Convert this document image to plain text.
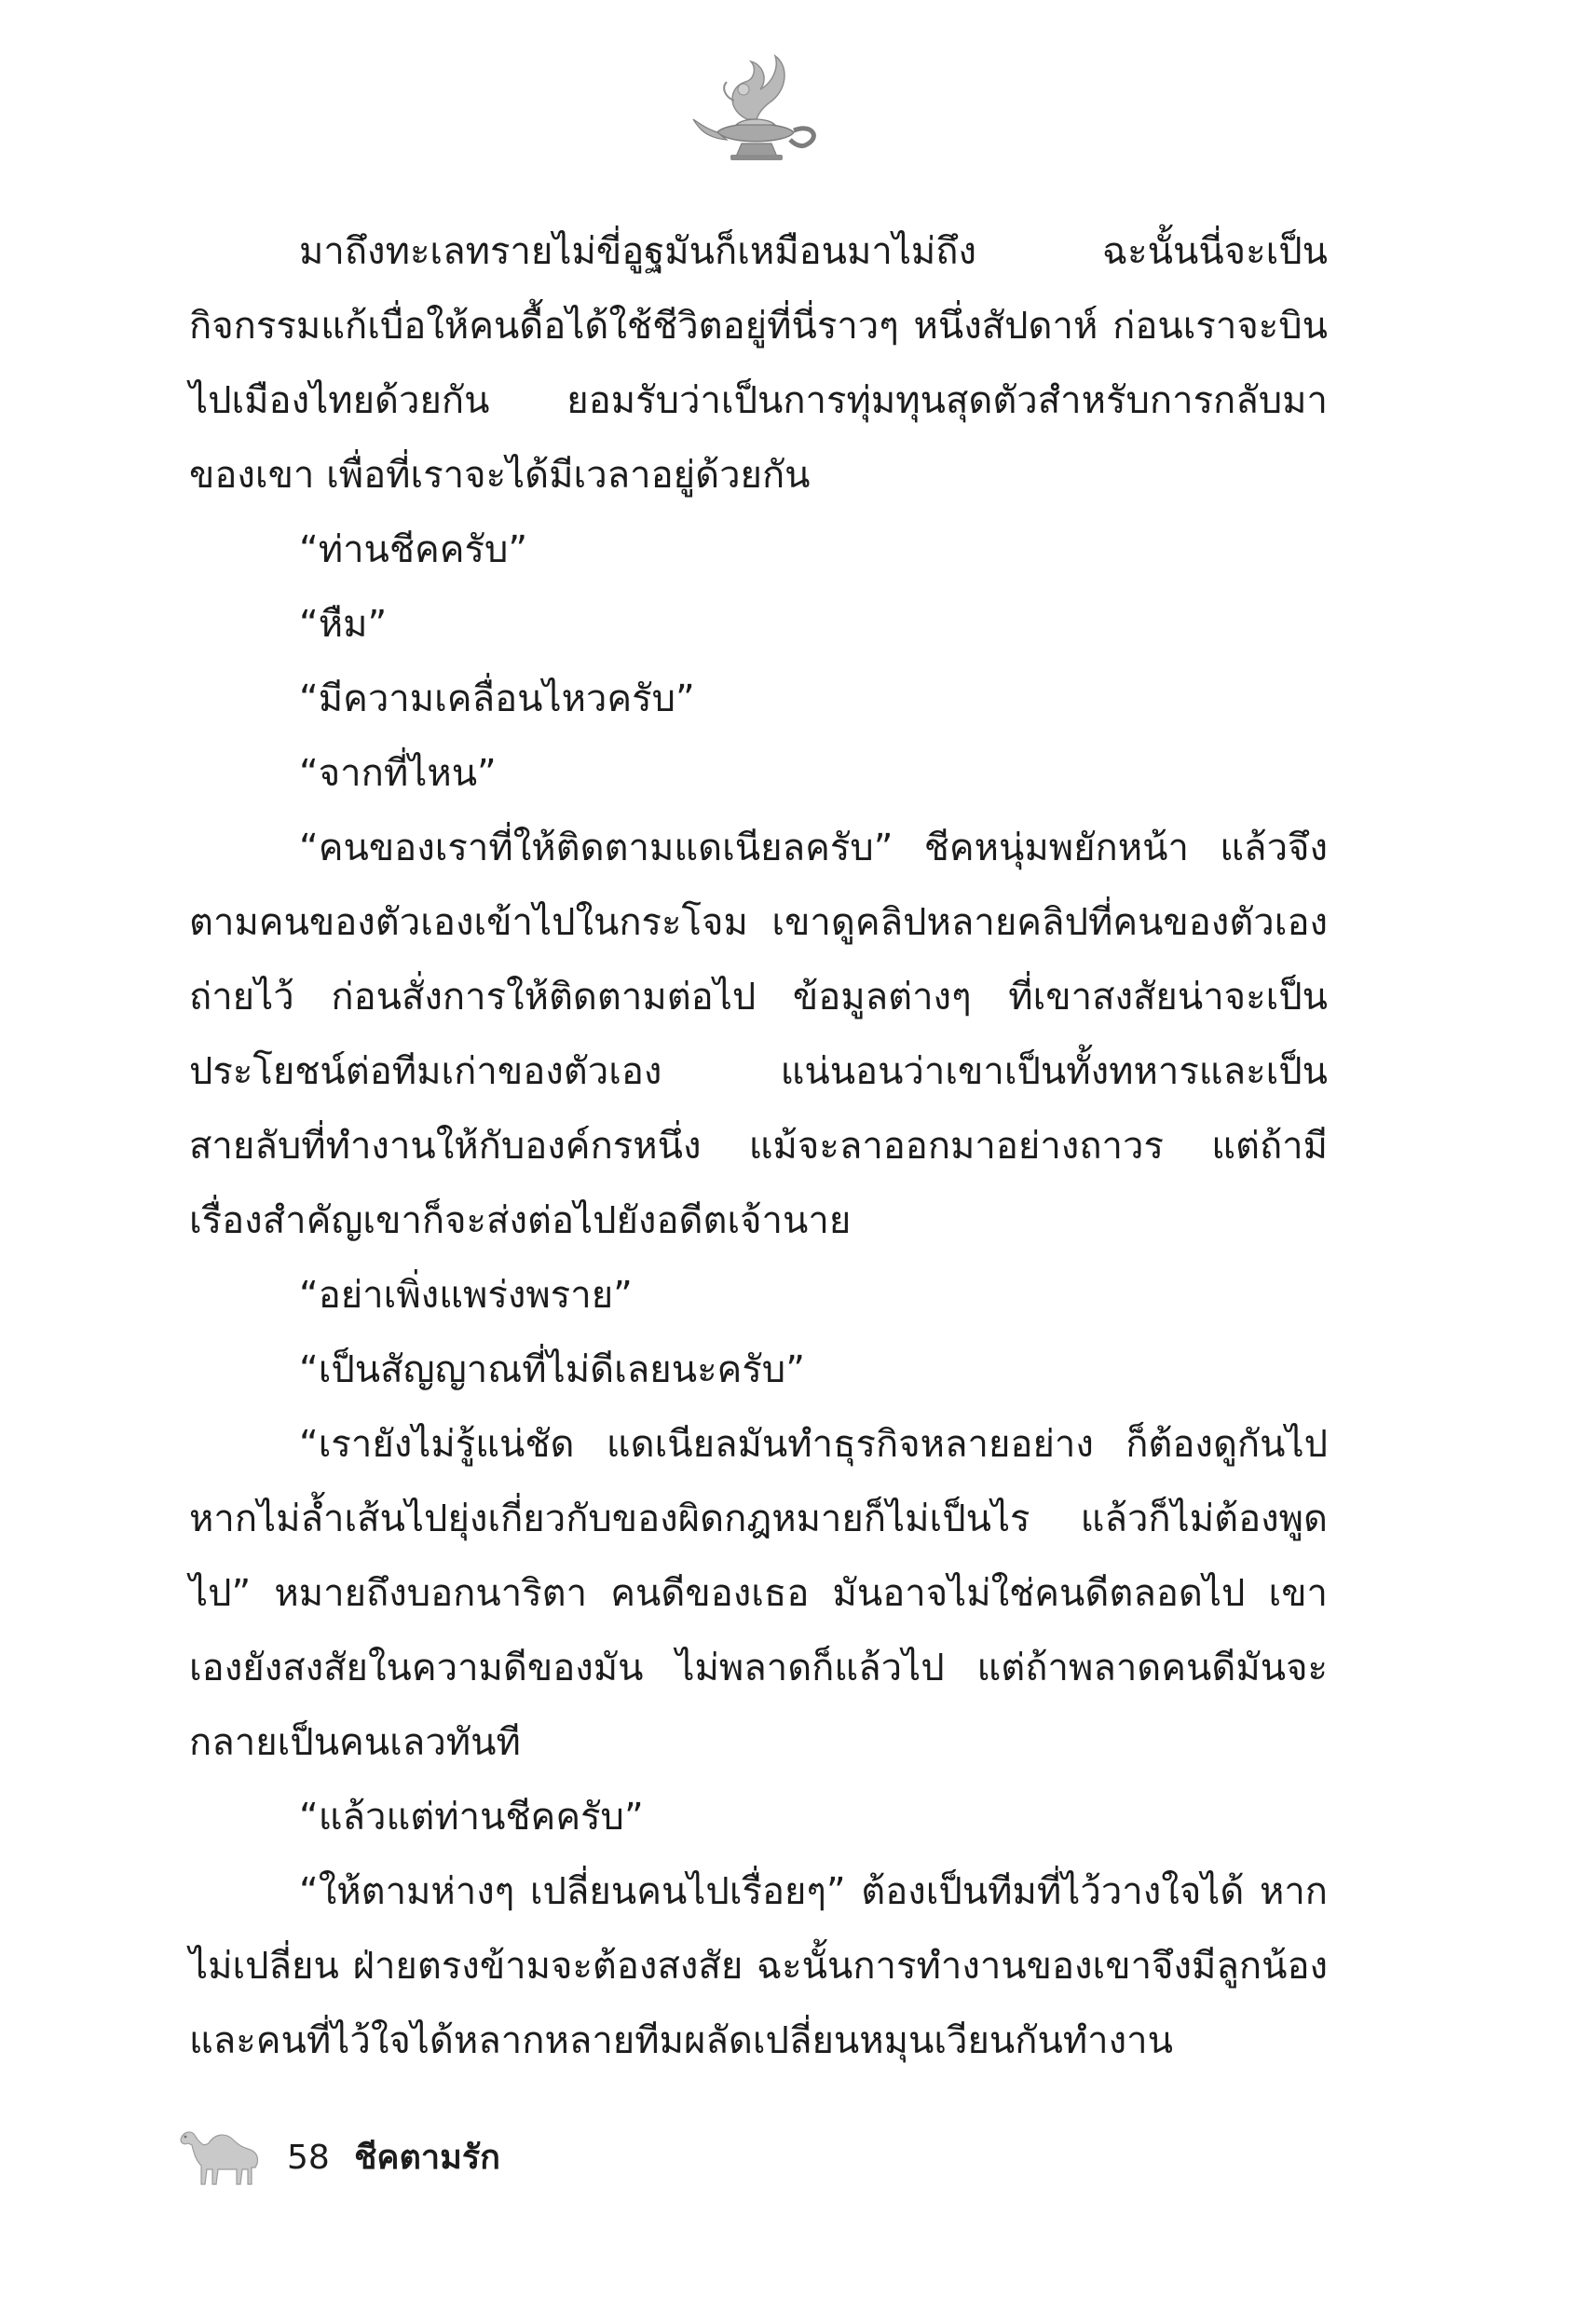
มาถึงทะเลทรายไม่ขี่อูฐมันก็เหมือนมาไม่ถึง ฉะนั้นนี่จะเป็นกิจกรรมแก้เบื่อให้คนดื้อได้ใช้ชีวิตอยู่ที่นี่ราวๆ หนึ่งสัปดาห์ ก่อนเราจะบินไปเมืองไทยด้วยกัน ยอมรับว่าเป็นการทุ่มทุนสุดตัวสำหรับการกลับมาของเขา เพื่อที่เราจะได้มีเวลาอยู่ด้วยกัน

“ท่านชีคครับ”

“หืม”

“มีความเคลื่อนไหวครับ”

“จากที่ไหน”

“คนของเราที่ให้ติดตามแดเนียลครับ” ชีคหนุ่มพยักหน้า แล้วจึงตามคนของตัวเองเข้าไปในกระโจม เขาดูคลิปหลายคลิปที่คนของตัวเองถ่ายไว้ ก่อนสั่งการให้ติดตามต่อไป ข้อมูลต่างๆ ที่เขาสงสัยน่าจะเป็นประโยชน์ต่อทีมเก่าของตัวเอง แน่นอนว่าเขาเป็นทั้งทหารและเป็นสายลับที่ทำงานให้กับองค์กรหนึ่ง แม้จะลาออกมาอย่างถาวร แต่ถ้ามีเรื่องสำคัญเขาก็จะส่งต่อไปยังอดีตเจ้านาย

“อย่าเพิ่งแพร่งพราย”

“เป็นสัญญาณที่ไม่ดีเลยนะครับ”

“เรายังไม่รู้แน่ชัด แดเนียลมันทำธุรกิจหลายอย่าง ก็ต้องดูกันไปหากไม่ล้ำเส้นไปยุ่งเกี่ยวกับของผิดกฎหมายก็ไม่เป็นไร แล้วก็ไม่ต้องพูดไป” หมายถึงบอกนาริตา คนดีของเธอ มันอาจไม่ใช่คนดีตลอดไป เขาเองยังสงสัยในความดีของมัน ไม่พลาดก็แล้วไป แต่ถ้าพลาดคนดีมันจะกลายเป็นคนเลวทันที

“แล้วแต่ท่านชีคครับ”

“ให้ตามห่างๆ เปลี่ยนคนไปเรื่อยๆ” ต้องเป็นทีมที่ไว้วางใจได้ หากไม่เปลี่ยน ฝ่ายตรงข้ามจะต้องสงสัย ฉะนั้นการทำงานของเขาจึงมีลูกน้องและคนที่ไว้ใจได้หลากหลายทีมผลัดเปลี่ยนหมุนเวียนกันทำงาน

58 ชีคตามรัก
